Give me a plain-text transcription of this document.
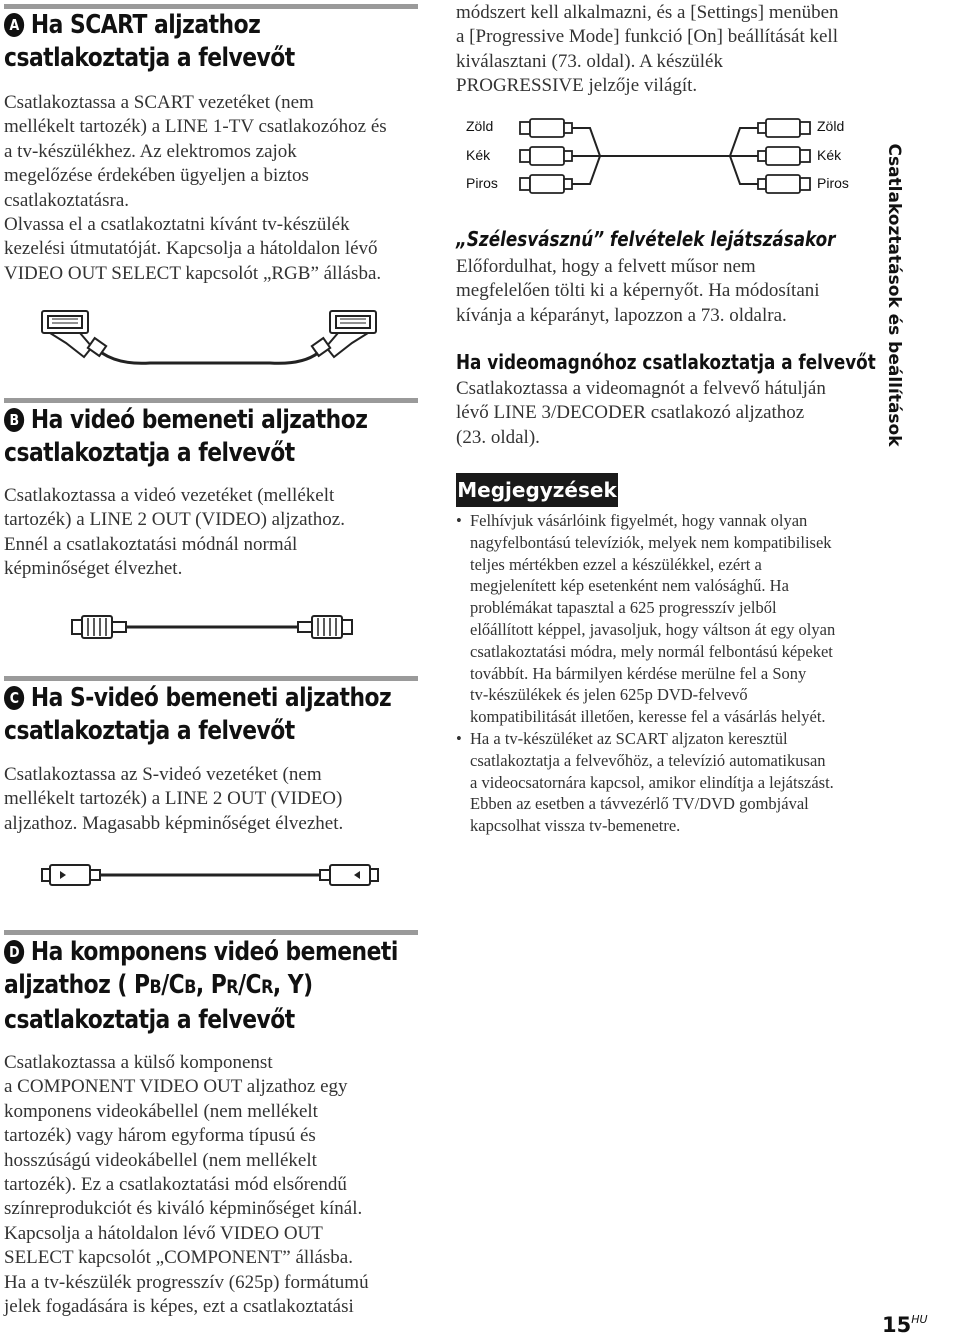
A Ha SCART aljzathoz
csatlakoztatja a felvevőt

Csatlakoztassa a SCART vezetéket (nem

mellékelt tartozék) a LINE 1-TV csatlakozóhoz és

a tv-készülékhez. Az elektromos zajok

megelőzése érdekében ügyeljen a biztos

csatlakoztatásra.

Olvassa el a csatlakoztatni kívánt tv-készülék

kezelési útmutatóját. Kapcsolja a hátoldalon lévő

VIDEO OUT SELECT kapcsolót „RGB” állásba.

B Ha videó bemeneti aljzathoz
csatlakoztatja a felvevőt

Csatlakoztassa a videó vezetéket (mellékelt

tartozék) a LINE 2 OUT (VIDEO) aljzathoz.

Ennél a csatlakoztatási módnál normál

képminőséget élvezhet.

C Ha S-videó bemeneti aljzathoz
csatlakoztatja a felvevőt

Csatlakoztassa az S-videó vezetéket (nem

mellékelt tartozék) a LINE 2 OUT (VIDEO)

aljzathoz. Magasabb képminőséget élvezhet.

D Ha komponens videó bemeneti
aljzathoz ( PB/CB, PR/CR, Y)
csatlakoztatja a felvevőt

Csatlakoztassa a külső komponenst

a COMPONENT VIDEO OUT aljzathoz egy

komponens videokábellel (nem mellékelt

tartozék) vagy három egyforma típusú és

hosszúságú videokábellel (nem mellékelt

tartozék). Ez a csatlakoztatási mód elsőrendű

színreprodukciót és kiváló képminőséget kínál.

Kapcsolja a hátoldalon lévő VIDEO OUT

SELECT kapcsolót „COMPONENT” állásba.

Ha a tv-készülék progresszív (625p) formátumú

jelek fogadására is képes, ezt a csatlakoztatási

módszert kell alkalmazni, és a [Settings] menüben

a [Progressive Mode] funkció [On] beállítását kell

kiválasztani (73. oldal). A készülék

PROGRESSIVE jelzője világít.

Zöld
Kék
Piros
Zöld
Kék
Piros
„Szélesvásznú” felvételek lejátszásakor

Előfordulhat, hogy a felvett műsor nem

megfelelően tölti ki a képernyőt. Ha módosítani

kívánja a képarányt, lapozzon a 73. oldalra.

Ha videomagnóhoz csatlakoztatja a felvevőt

Csatlakoztassa a videomagnót a felvevő hátulján

lévő LINE 3/DECODER csatlakozó aljzathoz

(23. oldal).

Megjegyzések
• Felhívjuk vásárlóink figyelmét, hogy vannak olyan
nagyfelbontású televíziók, melyek nem kompatibilisek
teljes mértékben ezzel a készülékkel, ezért a
megjelenített kép esetenként nem valósághű. Ha
problémákat tapasztal a 625 progresszív jelből
előállított képpel, javasoljuk, hogy váltson át egy olyan
csatlakoztatási módra, mely normál felbontású képeket
továbbít. Ha bármilyen kérdése merülne fel a Sony
tv-készülékek és jelen 625p DVD-felvevő
kompatibilitását illetően, keresse fel a vásárlás helyét.
• Ha a tv-készüléket az SCART aljzaton keresztül
csatlakoztatja a felvevőhöz, a televízió automatikusan
a videocsatornára kapcsol, amikor elindítja a lejátszást.
Ebben az esetben a távvezérlő TV/DVD gombjával
kapcsolhat vissza tv-bemenetre.
Csatlakoztatások és beállítások
$15^{HU}$
